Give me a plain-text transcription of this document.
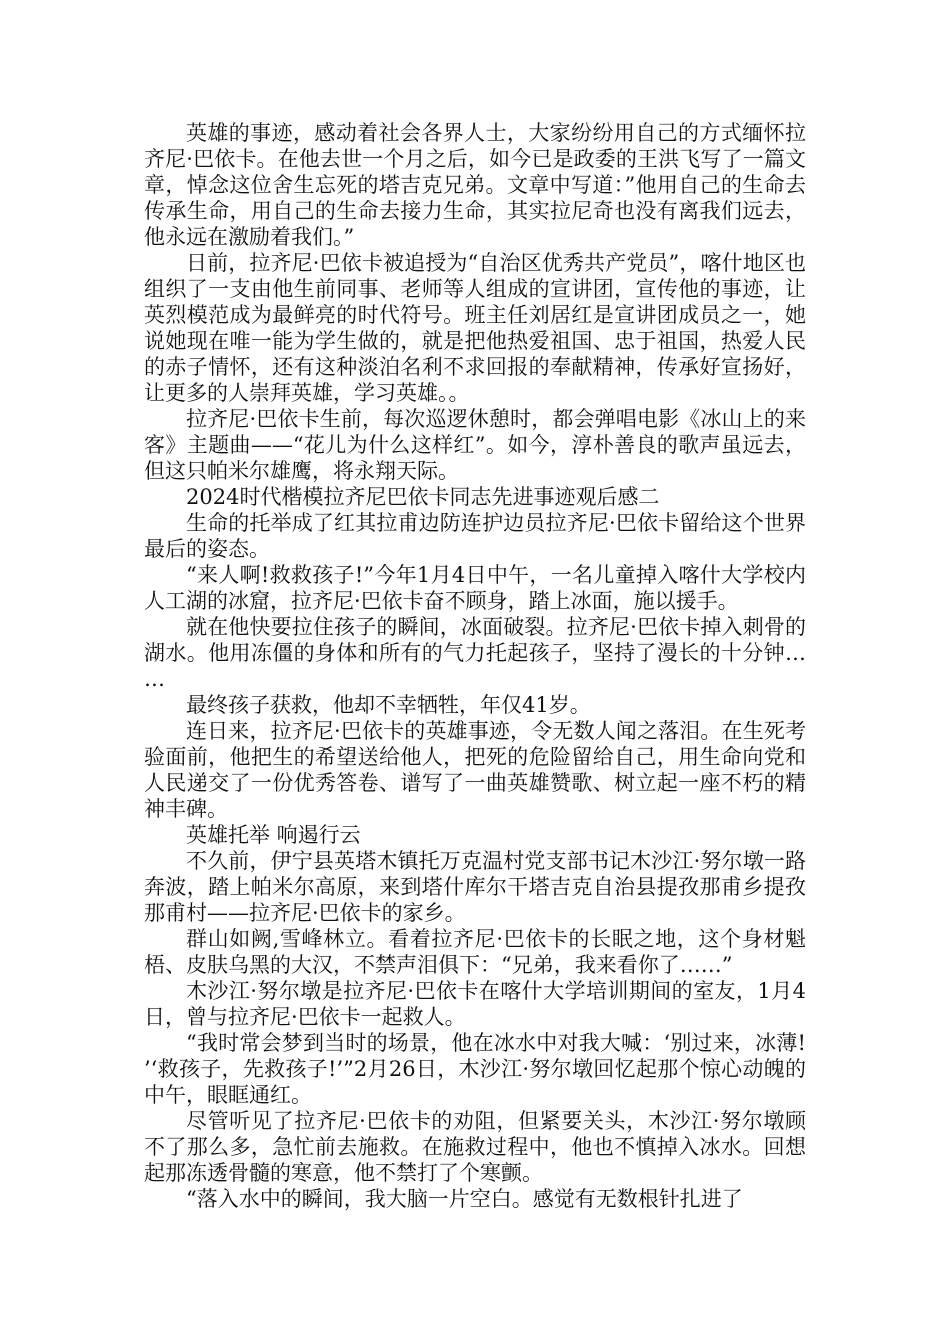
英雄的事迹，感动着社会各界人士，大家纷纷用自己的方式缅怀拉齐尼·巴依卡。在他去世一个月之后，如今已是政委的王洪飞写了一篇文章，悼念这位舍生忘死的塔吉克兄弟。文章中写道：”他用自己的生命去传承生命，用自己的生命去接力生命，其实拉尼奇也没有离我们远去，他永远在激励着我们。”

日前，拉齐尼·巴依卡被追授为“自治区优秀共产党员”，喀什地区也组织了一支由他生前同事、老师等人组成的宣讲团，宣传他的事迹，让英烈模范成为最鲜亮的时代符号。班主任刘居红是宣讲团成员之一，她说她现在唯一能为学生做的，就是把他热爱祖国、忠于祖国，热爱人民的赤子情怀，还有这种淡泊名利不求回报的奉献精神，传承好宣扬好，让更多的人崇拜英雄，学习英雄。。

拉齐尼·巴依卡生前，每次巡逻休憩时，都会弹唱电影《冰山上的来客》主题曲——“花儿为什么这样红”。如今，淳朴善良的歌声虽远去，但这只帕米尔雄鹰，将永翔天际。

2024时代楷模拉齐尼巴依卡同志先进事迹观后感二

生命的托举成了红其拉甫边防连护边员拉齐尼·巴依卡留给这个世界最后的姿态。

“来人啊!救救孩子!”今年1月4日中午，一名儿童掉入喀什大学校内人工湖的冰窟，拉齐尼·巴依卡奋不顾身，踏上冰面，施以援手。

就在他快要拉住孩子的瞬间，冰面破裂。拉齐尼·巴依卡掉入刺骨的湖水。他用冻僵的身体和所有的气力托起孩子，坚持了漫长的十分钟……

最终孩子获救，他却不幸牺牲，年仅41岁。

连日来，拉齐尼·巴依卡的英雄事迹，令无数人闻之落泪。在生死考验面前，他把生的希望送给他人，把死的危险留给自己，用生命向党和人民递交了一份优秀答卷、谱写了一曲英雄赞歌、树立起一座不朽的精神丰碑。

英雄托举 响遏行云

不久前，伊宁县英塔木镇托万克温村党支部书记木沙江·努尔墩一路奔波，踏上帕米尔高原，来到塔什库尔干塔吉克自治县提孜那甫乡提孜那甫村——拉齐尼·巴依卡的家乡。

群山如阙,雪峰林立。看着拉齐尼·巴依卡的长眠之地，这个身材魁梧、皮肤乌黑的大汉，不禁声泪俱下：“兄弟，我来看你了……”

木沙江·努尔墩是拉齐尼·巴依卡在喀什大学培训期间的室友，1月4日，曾与拉齐尼·巴依卡一起救人。

“我时常会梦到当时的场景，他在冰水中对我大喊：‘别过来，冰薄!’‘救孩子，先救孩子!’”2月26日，木沙江·努尔墩回忆起那个惊心动魄的中午，眼眶通红。

尽管听见了拉齐尼·巴依卡的劝阻，但紧要关头，木沙江·努尔墩顾不了那么多，急忙前去施救。在施救过程中，他也不慎掉入冰水。回想起那冻透骨髓的寒意，他不禁打了个寒颤。

“落入水中的瞬间，我大脑一片空白。感觉有无数根针扎进了
